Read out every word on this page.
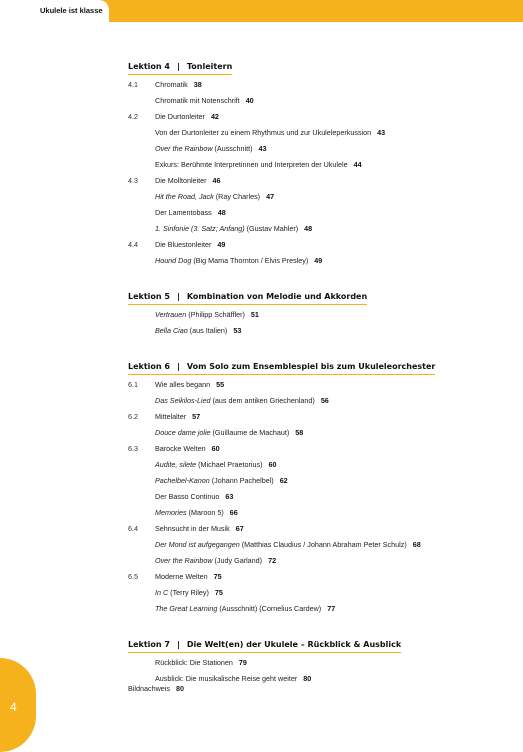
Ukulele ist klasse
Lektion 4 | Tonleitern
4.1 Chromatik 38
Chromatik mit Notenschrift 40
4.2 Die Durtonleiter 42
Von der Durtonleiter zu einem Rhythmus und zur Ukuleleperkussion 43
Over the Rainbow (Ausschnitt) 43
Exkurs: Berühmte Interpretinnen und Interpreten der Ukulele 44
4.3 Die Molltonleiter 46
Hit the Road, Jack (Ray Charles) 47
Der Lamentobass 48
1. Sinfonie (3. Satz; Anfang) (Gustav Mahler) 48
4.4 Die Bluestonleiter 49
Hound Dog (Big Mama Thornton / Elvis Presley) 49
Lektion 5 | Kombination von Melodie und Akkorden
Vertrauen (Philipp Schäffler) 51
Bella Ciao (aus Italien) 53
Lektion 6 | Vom Solo zum Ensemblespiel bis zum Ukuleleorchester
6.1 Wie alles begann 55
Das Seikilos-Lied (aus dem antiken Griechenland) 56
6.2 Mittelalter 57
Douce dame jolie (Guillaume de Machaut) 58
6.3 Barocke Welten 60
Audite, silete (Michael Praetorius) 60
Pachelbel-Kanon (Johann Pachelbel) 62
Der Basso Continuo 63
Memories (Maroon 5) 66
6.4 Sehnsucht in der Musik 67
Der Mond ist aufgegangen (Matthias Claudius / Johann Abraham Peter Schulz) 68
Over the Rainbow (Judy Garland) 72
6.5 Moderne Welten 75
In C (Terry Riley) 75
The Great Learning (Ausschnitt) (Cornelius Cardew) 77
Lektion 7 | Die Welt(en) der Ukulele – Rückblick & Ausblick
Rückblick: Die Stationen 79
Ausblick: Die musikalische Reise geht weiter 80
Bildnachweis 80
4
